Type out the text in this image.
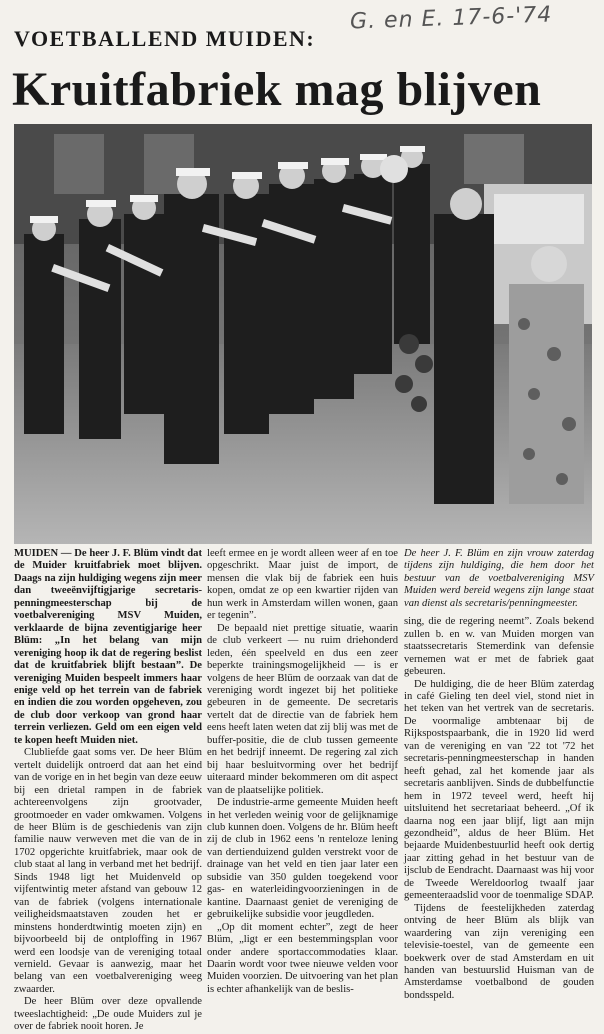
G. en E. 17-6-'74
VOETBALLEND MUIDEN:
Kruitfabriek mag blijven

MUIDEN — De heer J. F. Blüm vindt dat de Muider kruitfabriek moet blijven. Daags na zijn huldiging wegens zijn meer dan tweeënvijftigjarige secretaris-penningmeesterschap bij de voetbalvereniging MSV Muiden, verklaarde de bijna zeventigjarige heer Blüm: „In het belang van mijn vereniging hoop ik dat de regering beslist dat de kruitfabriek blijft bestaan”. De vereniging Muiden bespeelt immers haar enige veld op het terrein van de fabriek en indien die zou worden opgeheven, zou de club door verkoop van grond haar terrein verliezen. Geld om een eigen veld te kopen heeft Muiden niet.

Clubliefde gaat soms ver. De heer Blüm vertelt duidelijk ontroerd dat aan het eind van de vorige en in het begin van deze eeuw bij een drietal rampen in de fabriek achtereenvolgens zijn grootvader, grootmoeder en vader omkwamen. Volgens de heer Blüm is de geschiedenis van zijn familie nauw verweven met die van de in 1702 opgerichte kruitfabriek, maar ook de club staat al lang in verband met het bedrijf. Sinds 1948 ligt het Muidenveld op vijfentwintig meter afstand van gebouw 12 van de fabriek (volgens internationale veiligheidsmaatstaven zouden het er minstens honderdtwintig moeten zijn) en bijvoorbeeld bij de ontploffing in 1967 werd een loodsje van de vereniging totaal vernield. Gevaar is aanwezig, maar het belang van een voetbalvereniging weeg zwaarder.

De heer Blüm over deze opvallende tweeslachtigheid: „De oude Muiders zul je over de fabriek nooit horen. Je

leeft ermee en je wordt alleen weer af en toe opgeschrikt. Maar juist de import, de mensen die vlak bij de fabriek een huis kopen, omdat ze op een kwartier rijden van hun werk in Amsterdam willen wonen, gaan er tegenin”.

De bepaald niet prettige situatie, waarin de club verkeert — nu ruim driehonderd leden, één speelveld en dus een zeer beperkte trainingsmogelijkheid — is er volgens de heer Blüm de oorzaak van dat de vereniging wordt ingezet bij het politieke gebeuren in de gemeente. De secretaris vertelt dat de directie van de fabriek hem eens heeft laten weten dat zij blij was met de buffer-positie, die de club tussen gemeente en het bedrijf inneemt. De regering zal zich bij haar besluitvorming over het bedrijf uiteraard minder bekommeren om dit aspect van de plaatselijke politiek.

De industrie-arme gemeente Muiden heeft in het verleden weinig voor de gelijknamige club kunnen doen. Volgens de hr. Blüm heeft zij de club in 1962 eens 'n renteloze lening van dertienduizend gulden verstrekt voor de drainage van het veld en tien jaar later een subsidie van 350 gulden toegekend voor gas- en waterleidingvoorzieningen in de kantine. Daarnaast geniet de vereniging de gebruikelijke subsidie voor jeugdleden.

„Op dit moment echter”, zegt de heer Blüm, „ligt er een bestemmingsplan voor onder andere sportaccommodaties klaar. Daarin wordt voor twee nieuwe velden voor Muiden voorzien. De uitvoering van het plan is echter afhankelijk van de beslis-

De heer J. F. Blüm en zijn vrouw zaterdag tijdens zijn huldiging, die hem door het bestuur van de voetbalvereniging MSV Muiden werd bereid wegens zijn lange staat van dienst als secretaris/penningmeester.

sing, die de regering neemt”. Zoals bekend zullen b. en w. van Muiden morgen van staatssecretaris Stemerdink van defensie vernemen wat er met de fabriek gaat gebeuren.

De huldiging, die de heer Blüm zaterdag in café Gieling ten deel viel, stond niet in het teken van het vertrek van de secretaris. De voormalige ambtenaar bij de Rijkspostspaarbank, die in 1920 lid werd van de vereniging en van '22 tot '72 het secretaris-penningmeesterschap in handen heeft gehad, zal het komende jaar als secretaris aanblijven. Sinds de dubbelfunctie hem in 1972 teveel werd, heeft hij uitsluitend het secretariaat beheerd. „Of ik daarna nog een jaar blijf, ligt aan mijn gezondheid”, aldus de heer Blüm. Het bejaarde Muidenbestuurlid heeft ook dertig jaar zitting gehad in het bestuur van de ijsclub de Eendracht. Daarnaast was hij voor de Tweede Wereldoorlog twaalf jaar gemeenteraadslid voor de toenmalige SDAP.

Tijdens de feestelijkheden zaterdag ontving de heer Blüm als blijk van waardering van zijn vereniging een televisie-toestel, van de gemeente een boekwerk over de stad Amsterdam en uit handen van bestuurslid Huisman van de Amsterdamse voetbalbond de gouden bondsspeld.
